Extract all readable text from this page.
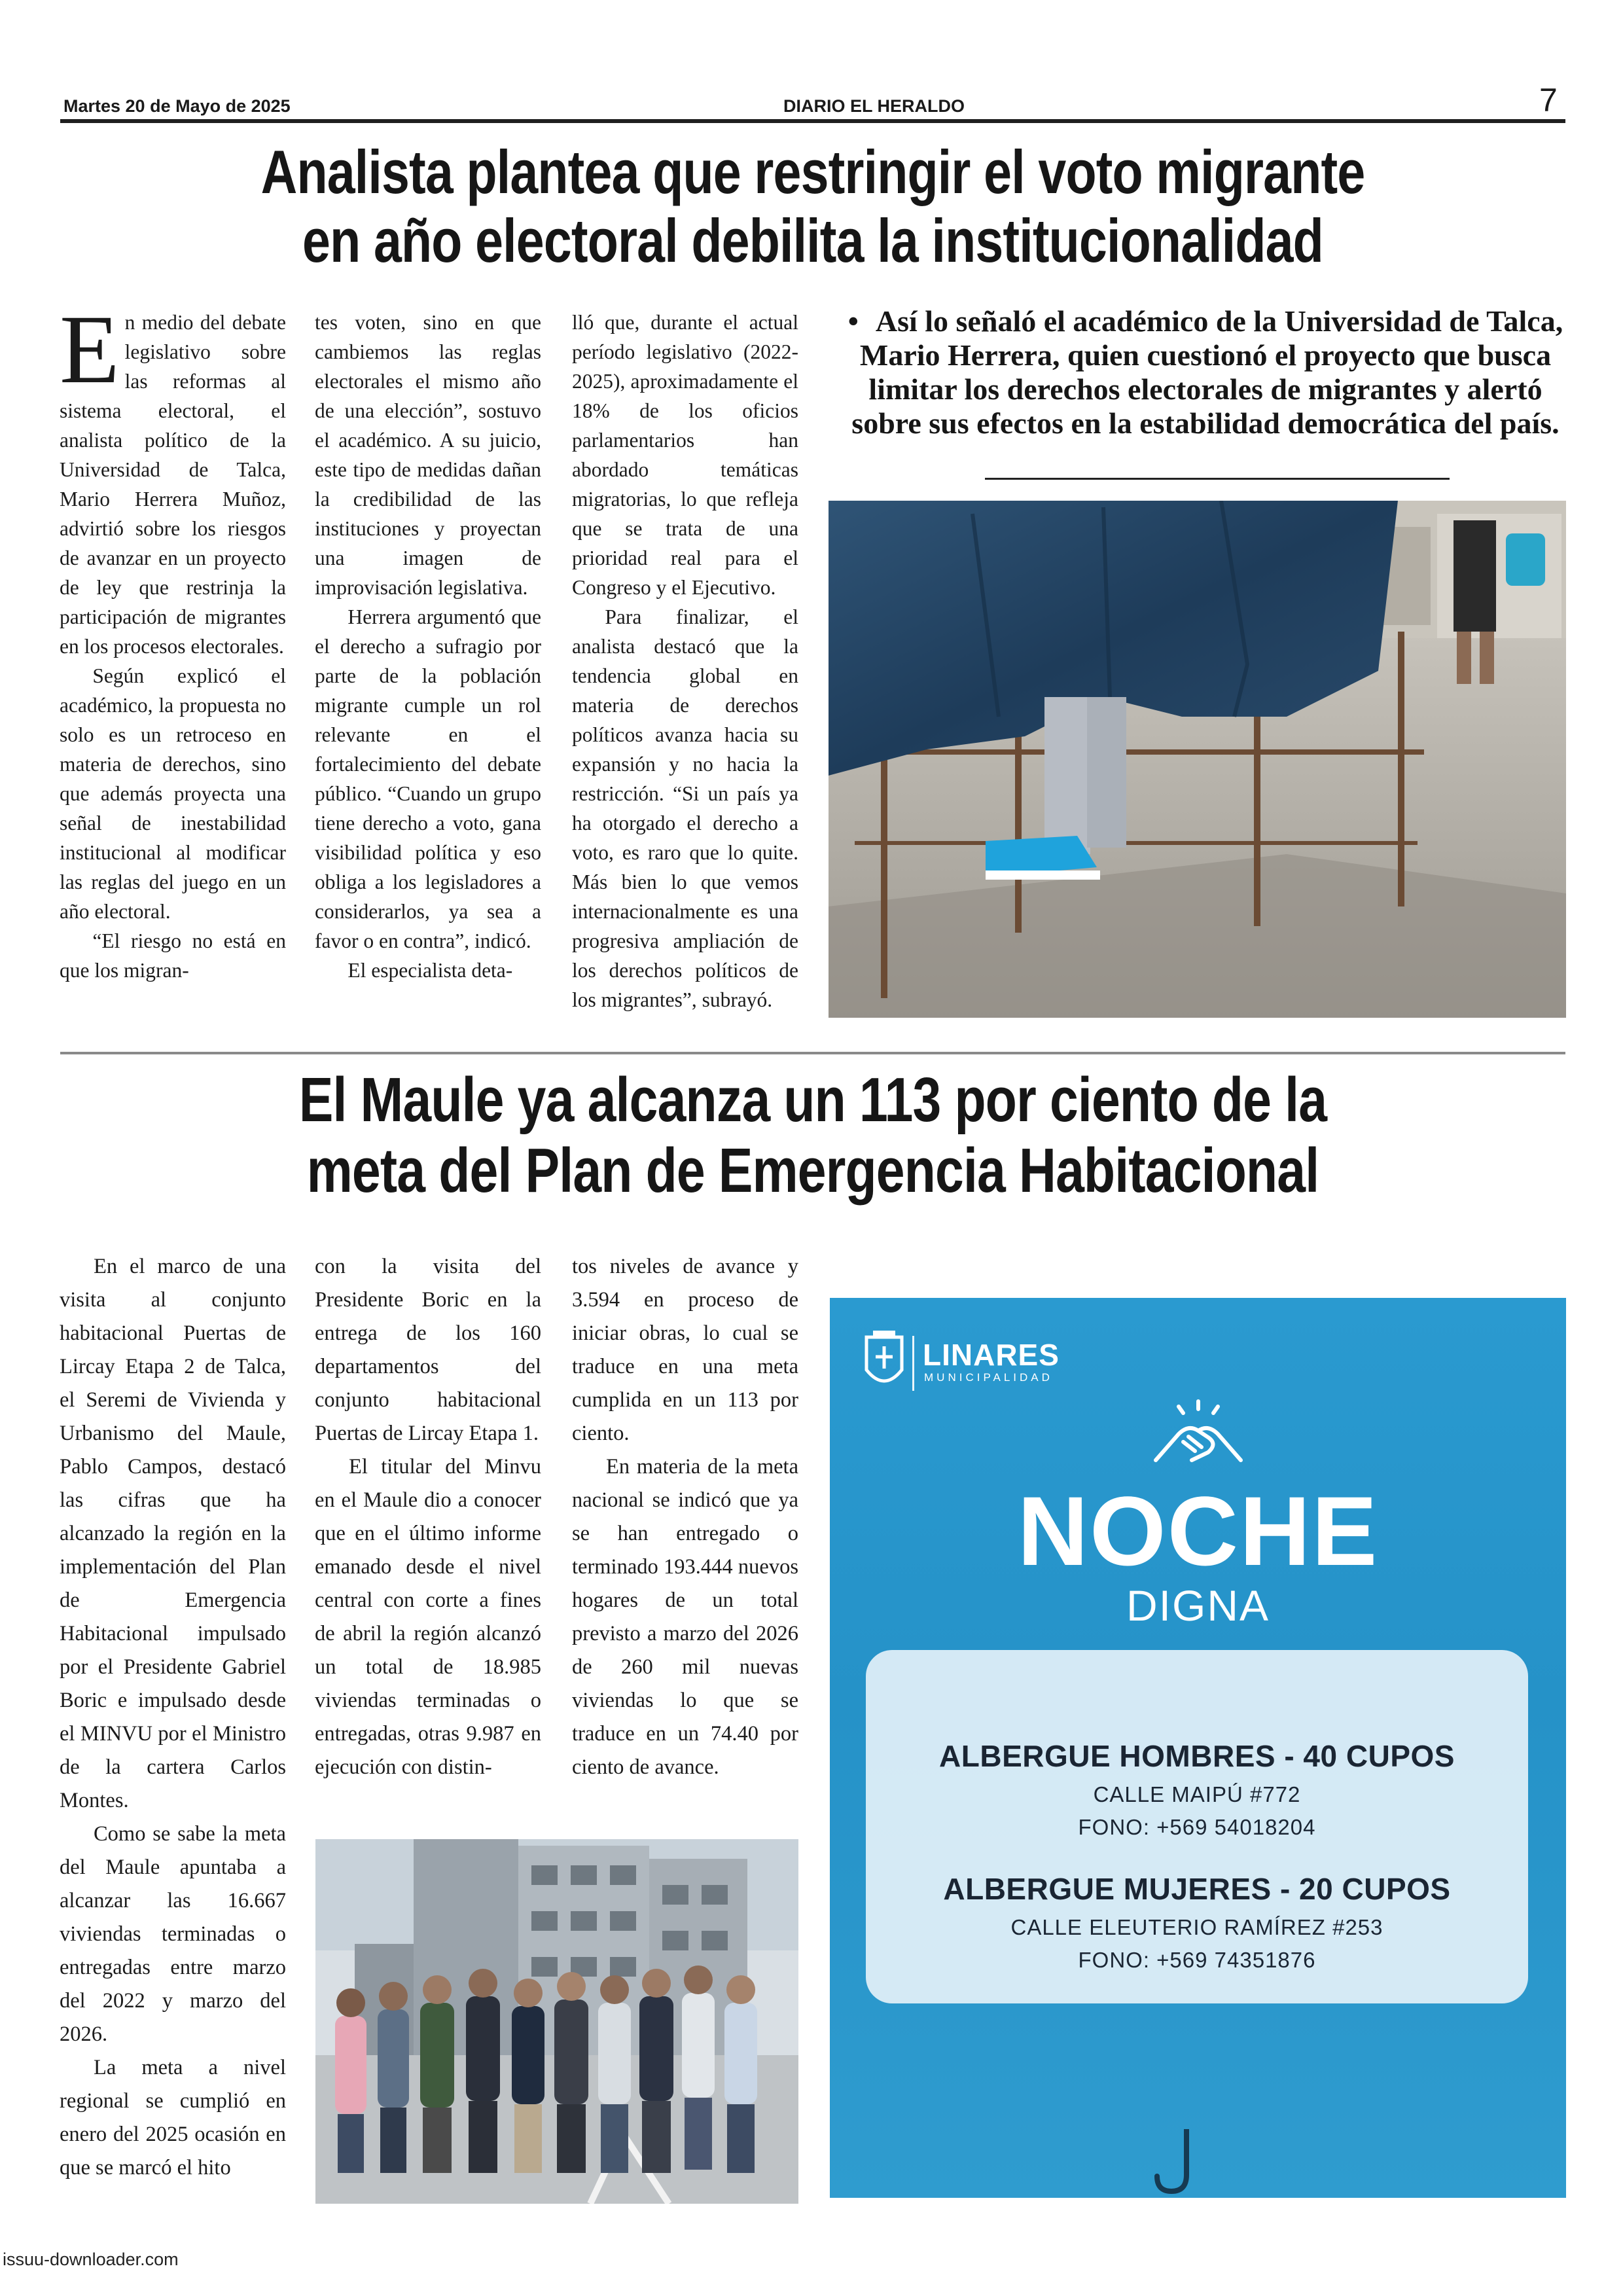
Martes 20 de Mayo de 2025	DIARIO EL HERALDO	7
Analista plantea que restringir el voto migrante
en año electoral debilita la institucionalidad

En medio del debate legislativo sobre las reformas al sistema electoral, el analista político de la Universidad de Talca, Mario Herrera Muñoz, advirtió sobre los riesgos de avanzar en un proyecto de ley que restrinja la participación de migrantes en los procesos electorales.

Según explicó el académico, la propuesta no solo es un retroceso en materia de derechos, sino que además proyecta una señal de inestabilidad institucional al modificar las reglas del juego en un año electoral.

“El riesgo no está en que los migran-

tes voten, sino en que cambiemos las reglas electorales el mismo año de una elección”, sostuvo el académico. A su juicio, este tipo de medidas dañan la credibilidad de las instituciones y proyectan una imagen de improvisación legislativa.

Herrera argumentó que el derecho a sufragio por parte de la población migrante cumple un rol relevante en el fortalecimiento del debate público. “Cuando un grupo tiene derecho a voto, gana visibilidad política y eso obliga a los legisladores a considerarlos, ya sea a favor o en contra”, indicó.

El especialista deta-

lló que, durante el actual período legislativo (2022-2025), aproximadamente el 18% de los oficios parlamentarios han abordado temáticas migratorias, lo que refleja que se trata de una prioridad real para el Congreso y el Ejecutivo.

Para finalizar, el analista destacó que la tendencia global en materia de derechos políticos avanza hacia su expansión y no hacia la restricción. “Si un país ya ha otorgado el derecho a voto, es raro que lo quite. Más bien lo que vemos internacionalmente es una progresiva ampliación de los derechos políticos de los migrantes”, subrayó.

• Así lo señaló el académico de la Universidad de Talca, Mario Herrera, quien cuestionó el proyecto que busca limitar los derechos electorales de migrantes y alertó sobre sus efectos en la estabilidad democrática del país.
El Maule ya alcanza un 113 por ciento de la
meta del Plan de Emergencia Habitacional

En el marco de una visita al conjunto habitacional Puertas de Lircay Etapa 2 de Talca, el Seremi de Vivienda y Urbanismo del Maule, Pablo Campos, destacó las cifras que ha alcanzado la región en la implementación del Plan de Emergencia Habitacional impulsado por el Presidente Gabriel Boric e impulsado desde el MINVU por el Ministro de la cartera Carlos Montes.

Como se sabe la meta del Maule apuntaba a alcanzar las 16.667 viviendas terminadas o entregadas entre marzo del 2022 y marzo del 2026.

La meta a nivel regional se cumplió en enero del 2025 ocasión en que se marcó el hito

con la visita del Presidente Boric en la entrega de los 160 departamentos del conjunto habitacional Puertas de Lircay Etapa 1.

El titular del Minvu en el Maule dio a conocer que en el último informe emanado desde el nivel central con corte a fines de abril la región alcanzó un total de 18.985 viviendas terminadas o entregadas, otras 9.987 en ejecución con distin-

tos niveles de avance y 3.594 en proceso de iniciar obras, lo cual se traduce en una meta cumplida en un 113 por ciento.

En materia de la meta nacional se indicó que ya se han entregado o terminado 193.444 nuevos hogares de un total previsto a marzo del 2026 de 260 mil nuevas viviendas lo que se traduce en un 74.40 por ciento de avance.

LINARES
MUNICIPALIDAD
NOCHE
DIGNA
ALBERGUE HOMBRES - 40 CUPOS
CALLE MAIPÚ #772
FONO: +569 54018204
ALBERGUE MUJERES - 20 CUPOS
CALLE ELEUTERIO RAMÍREZ #253
FONO: +569 74351876
issuu-downloader.com
